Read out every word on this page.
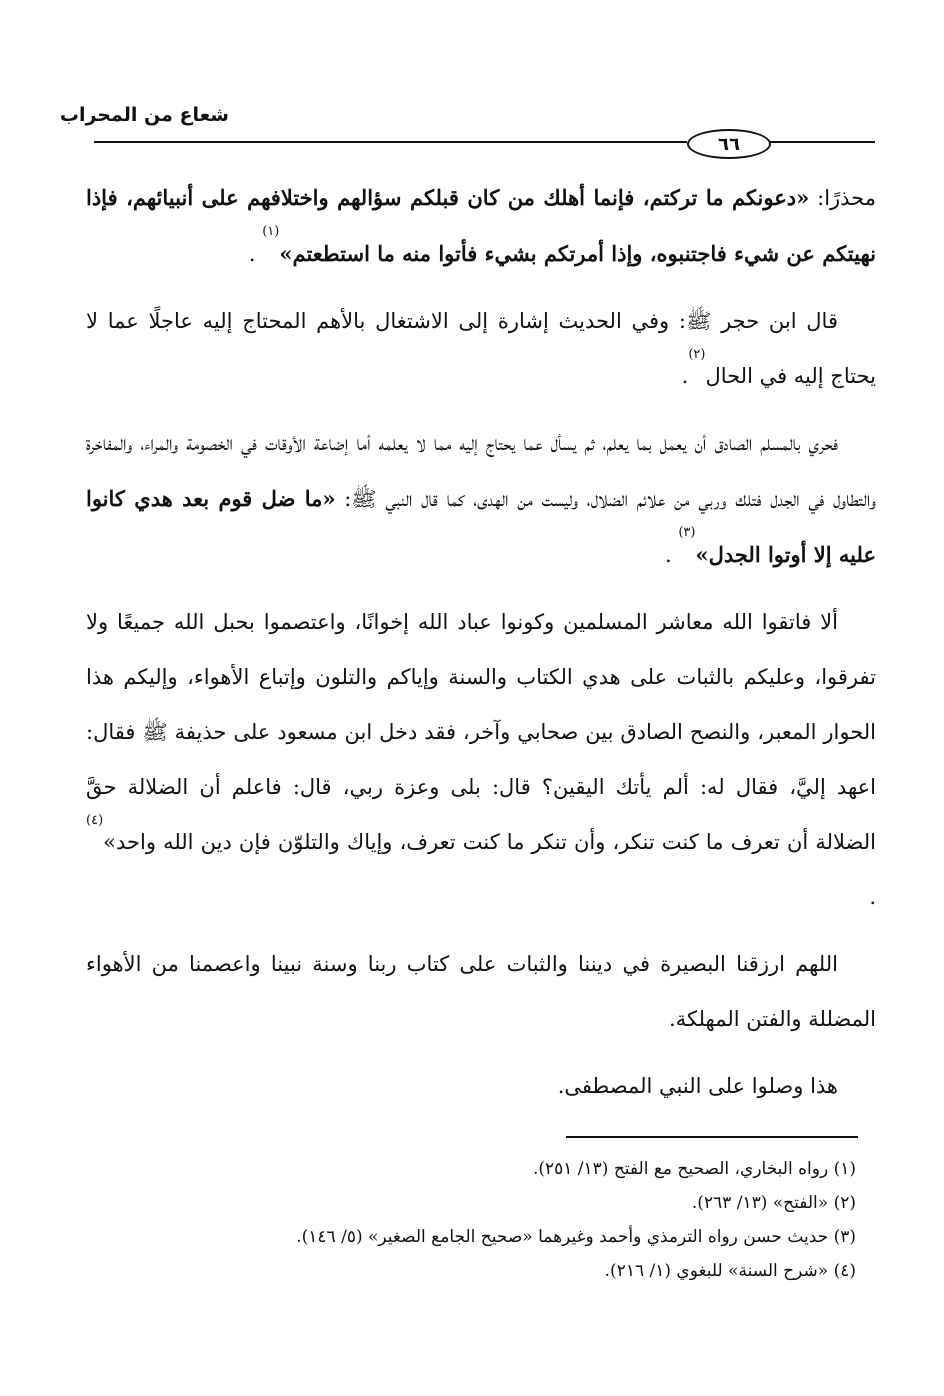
شعاع من المحراب
٦٦

محذرًا: «دعونكم ما تركتم، فإنما أهلك من كان قبلكم سؤالهم واختلافهم على أنبيائهم، فإذا نهيتكم عن شيء فاجتنبوه، وإذا أمرتكم بشيء فأتوا منه ما استطعتم»$^{(١)}$ .

قال ابن حجر ﷺ: وفي الحديث إشارة إلى الاشتغال بالأهم المحتاج إليه عاجلًا عما لا يحتاج إليه في الحال$^{(٢)}$.

فحري بالمسلم الصادق أن يعمل بما يعلم، ثم يسأل عما يحتاج إليه مما لا يعلمه أما إضاعة الأوقات في الخصومة والمراء، والمفاخرة والتطاول في الجدل فتلك وربي من علائم الضلال، وليست من الهدى، كما قال النبي ﷺ: «ما ضل قوم بعد هدي كانوا عليه إلا أوتوا الجدل»$^{(٣)}$ .

ألا فاتقوا الله معاشر المسلمين وكونوا عباد الله إخوانًا، واعتصموا بحبل الله جميعًا ولا تفرقوا، وعليكم بالثبات على هدي الكتاب والسنة وإياكم والتلون وإتباع الأهواء، وإليكم هذا الحوار المعبر، والنصح الصادق بين صحابي وآخر، فقد دخل ابن مسعود على حذيفة ﷺ فقال: اعهد إليَّ، فقال له: ألم يأتك اليقين؟ قال: بلى وعزة ربي، قال: فاعلم أن الضلالة حقَّ الضلالة أن تعرف ما كنت تنكر، وأن تنكر ما كنت تعرف، وإياك والتلوّن فإن دين الله واحد»$^{(٤)}$ .

اللهم ارزقنا البصيرة في ديننا والثبات على كتاب ربنا وسنة نبينا واعصمنا من الأهواء المضللة والفتن المهلكة.

هذا وصلوا على النبي المصطفى.

(١) رواه البخاري، الصحيح مع الفتح (١٣/ ٢٥١).

(٢) «الفتح» (١٣/ ٢٦٣).

(٣) حديث حسن رواه الترمذي وأحمد وغيرهما «صحيح الجامع الصغير» (٥/ ١٤٦).

(٤) «شرح السنة» للبغوي (١/ ٢١٦).
